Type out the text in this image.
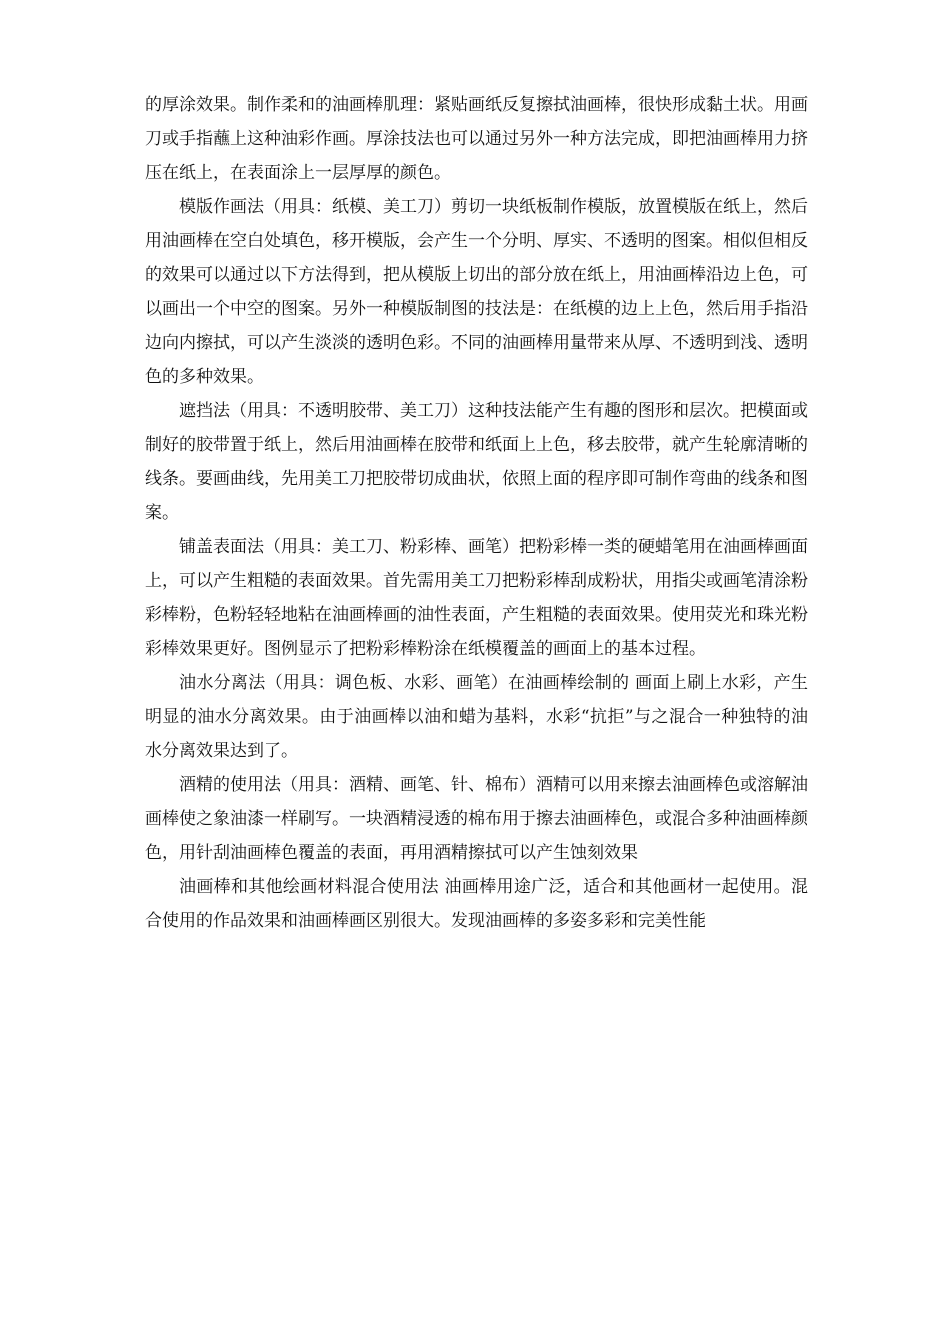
的厚涂效果。制作柔和的油画棒肌理：紧贴画纸反复擦拭油画棒，很快形成黏土状。用画刀或手指蘸上这种油彩作画。厚涂技法也可以通过另外一种方法完成，即把油画棒用力挤压在纸上，在表面涂上一层厚厚的颜色。

模版作画法（用具：纸模、美工刀）剪切一块纸板制作模版，放置模版在纸上，然后用油画棒在空白处填色，移开模版，会产生一个分明、厚实、不透明的图案。相似但相反的效果可以通过以下方法得到，把从模版上切出的部分放在纸上，用油画棒沿边上色，可以画出一个中空的图案。另外一种模版制图的技法是：在纸模的边上上色，然后用手指沿边向内擦拭，可以产生淡淡的透明色彩。不同的油画棒用量带来从厚、不透明到浅、透明色的多种效果。

遮挡法（用具：不透明胶带、美工刀）这种技法能产生有趣的图形和层次。把模面或制好的胶带置于纸上，然后用油画棒在胶带和纸面上上色，移去胶带，就产生轮廓清晰的线条。要画曲线，先用美工刀把胶带切成曲状，依照上面的程序即可制作弯曲的线条和图案。

铺盖表面法（用具：美工刀、粉彩棒、画笔）把粉彩棒一类的硬蜡笔用在油画棒画面上，可以产生粗糙的表面效果。首先需用美工刀把粉彩棒刮成粉状，用指尖或画笔清涂粉彩棒粉，色粉轻轻地粘在油画棒画的油性表面，产生粗糙的表面效果。使用荧光和珠光粉彩棒效果更好。图例显示了把粉彩棒粉涂在纸模覆盖的画面上的基本过程。

油水分离法（用具：调色板、水彩、画笔）在油画棒绘制的 画面上刷上水彩，产生明显的油水分离效果。由于油画棒以油和蜡为基料，水彩“抗拒”与之混合一种独特的油水分离效果达到了。

酒精的使用法（用具：酒精、画笔、针、棉布）酒精可以用来擦去油画棒色或溶解油画棒使之象油漆一样刷写。一块酒精浸透的棉布用于擦去油画棒色，或混合多种油画棒颜色，用针刮油画棒色覆盖的表面，再用酒精擦拭可以产生蚀刻效果

油画棒和其他绘画材料混合使用法 油画棒用途广泛，适合和其他画材一起使用。混合使用的作品效果和油画棒画区别很大。发现油画棒的多姿多彩和完美性能
